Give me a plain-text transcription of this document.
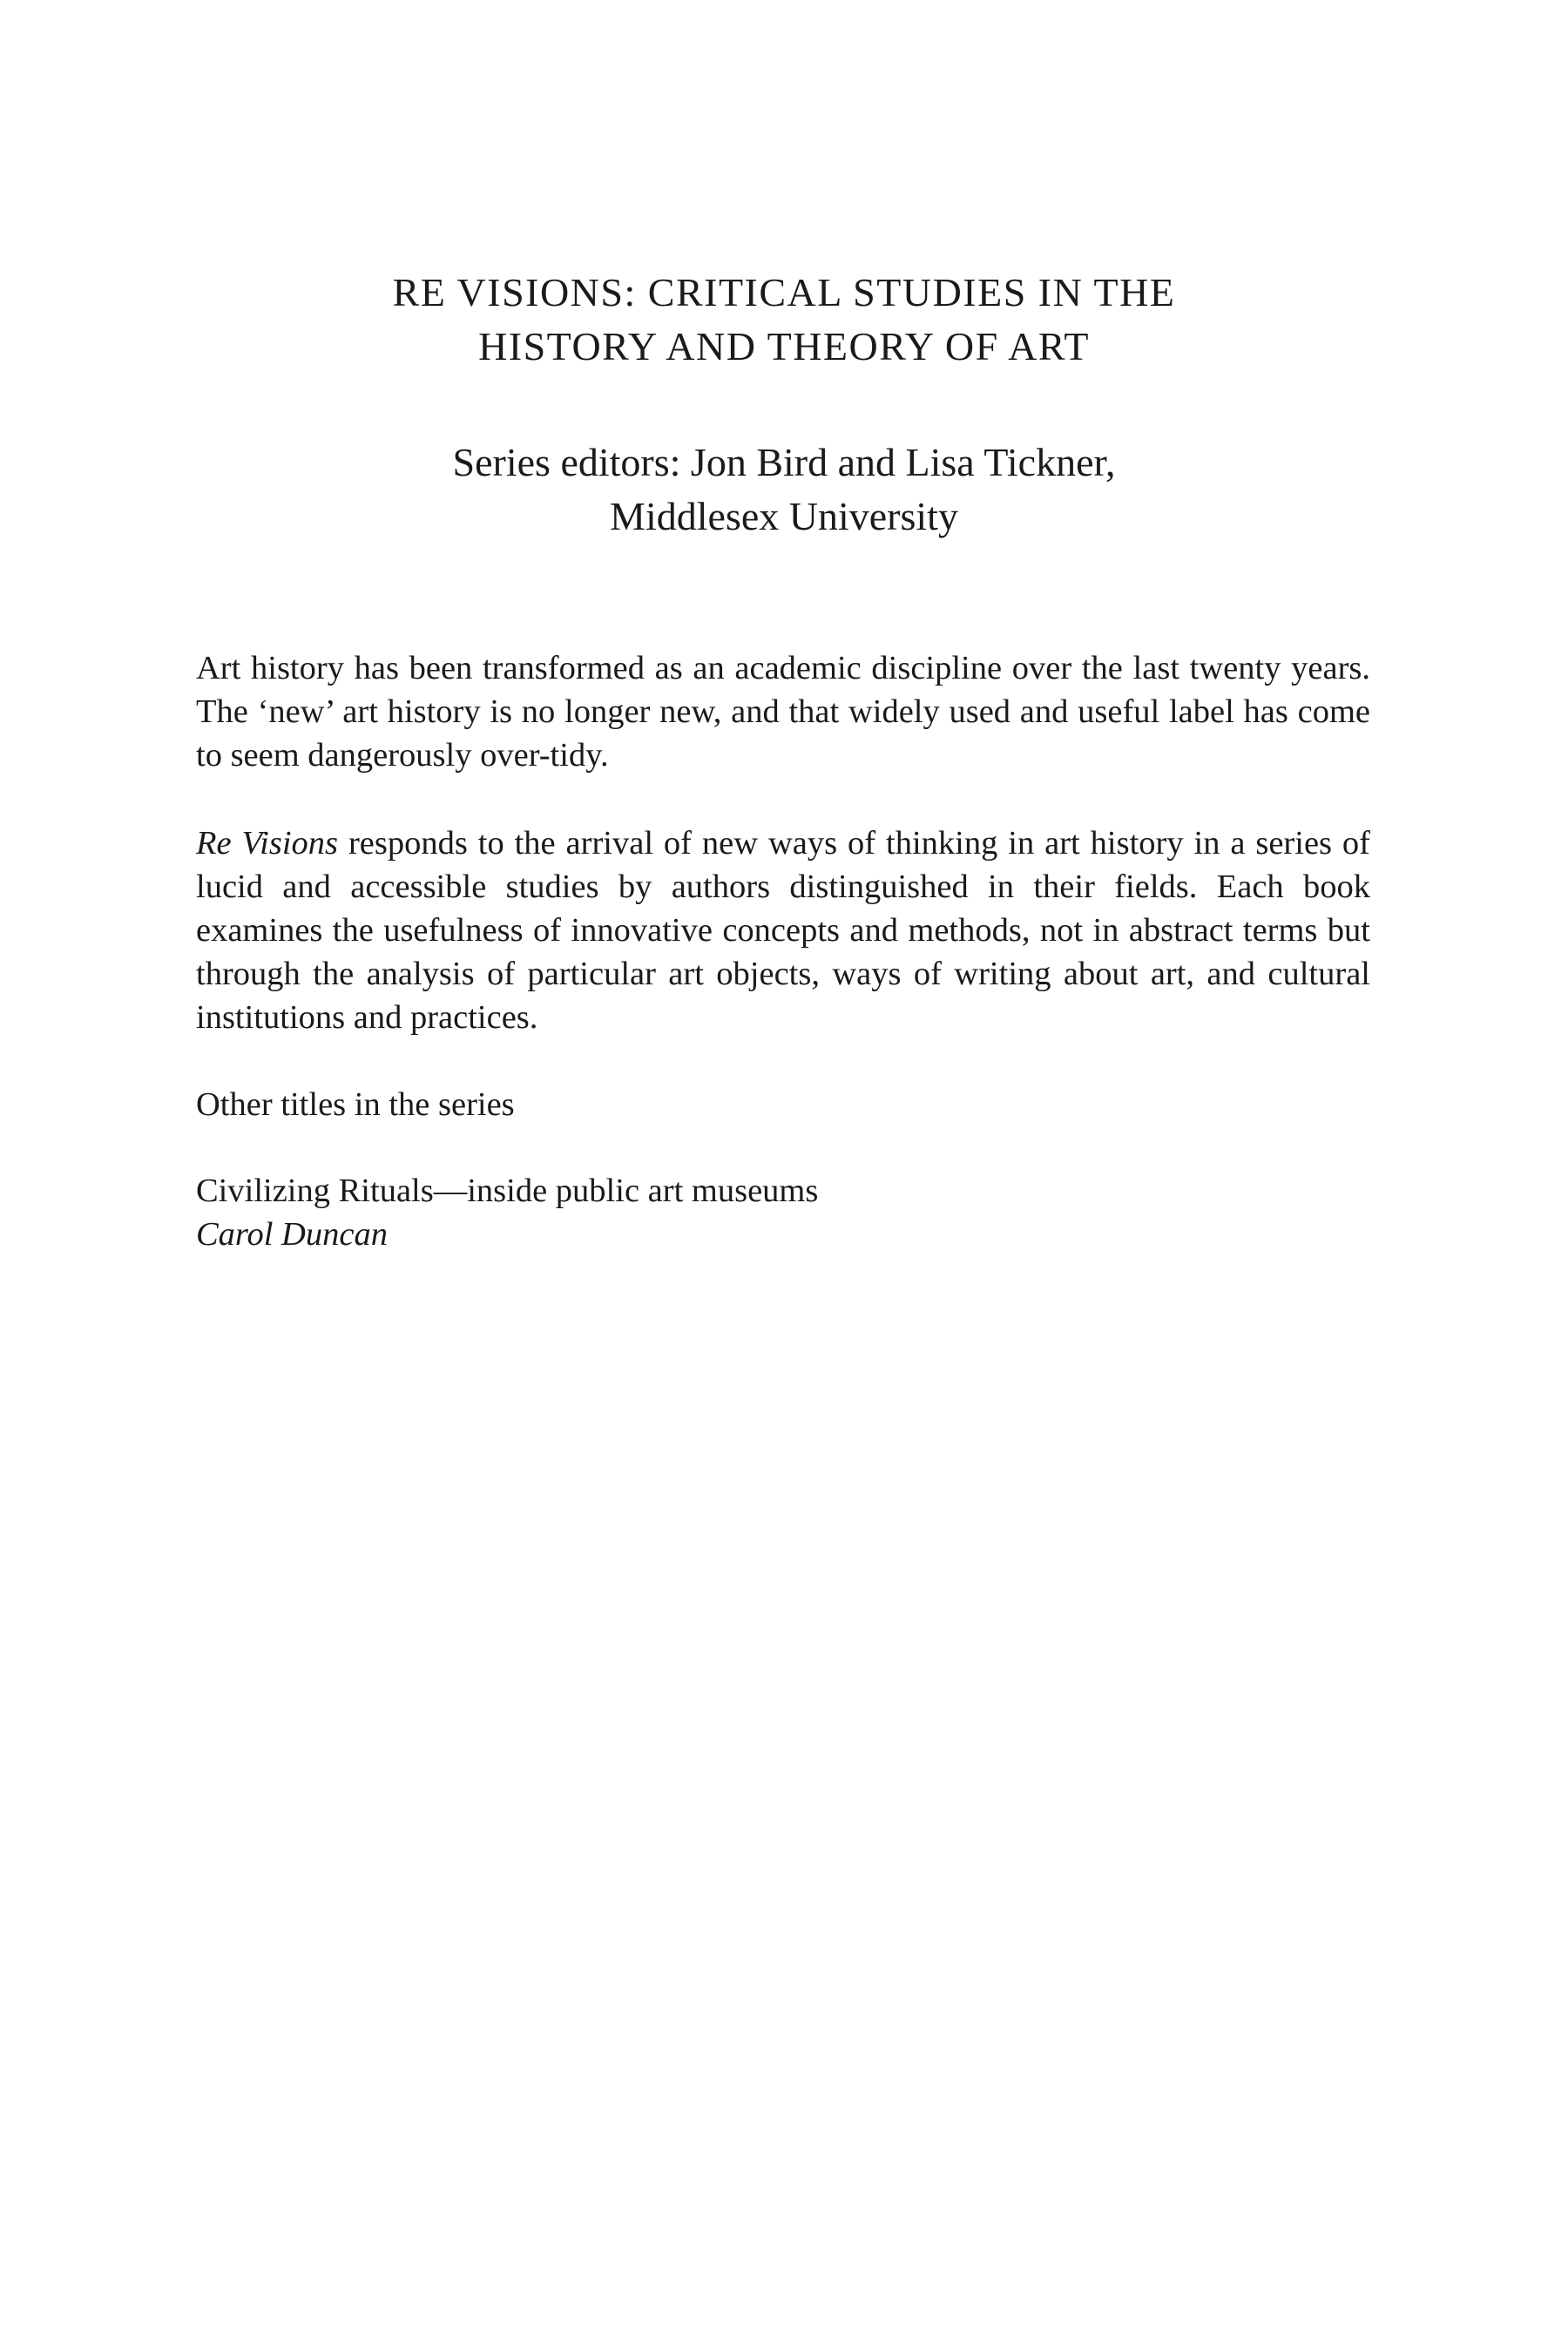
RE VISIONS: CRITICAL STUDIES IN THE
HISTORY AND THEORY OF ART
Series editors: Jon Bird and Lisa Tickner,
Middlesex University

Art history has been transformed as an academic discipline over the last twenty years. The ‘new’ art history is no longer new, and that widely used and useful label has come to seem dangerously over-tidy.

Re Visions responds to the arrival of new ways of thinking in art history in a series of lucid and accessible studies by authors distinguished in their fields. Each book examines the usefulness of innovative concepts and methods, not in abstract terms but through the analysis of particular art objects, ways of writing about art, and cultural institutions and practices.

Other titles in the series

Civilizing Rituals—inside public art museums

Carol Duncan
